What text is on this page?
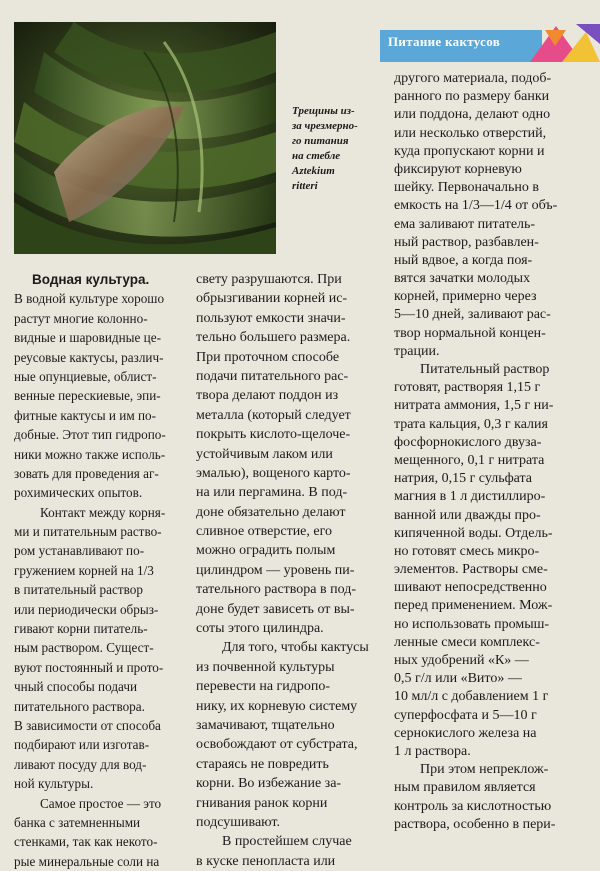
Трещины из-
за чрезмерно-
го питания
на стебле
Aztekium
ritteri
Питание кактусов
Водная культура.
В водной культуре хорошо
растут многие колонно-
видные и шаровидные це-
реусовые кактусы, различ-
ные опунциевые, облист-
венные перескиевые, эпи-
фитные кактусы и им по-
добные. Этот тип гидропо-
ники можно также исполь-
зовать для проведения аг-
рохимических опытов.
Контакт между корня-
ми и питательным раство-
ром устанавливают по-
гружением корней на 1/3
в питательный раствор
или периодически обрыз-
гивают корни питатель-
ным раствором. Сущест-
вуют постоянный и прото-
чный способы подачи
питательного раствора.
В зависимости от способа
подбирают или изготав-
ливают посуду для вод-
ной культуры.
Самое простое — это
банка с затемненными
стенками, так как некото-
рые минеральные соли на
свету разрушаются. При
обрызгивании корней ис-
пользуют емкости значи-
тельно большего размера.
При проточном способе
подачи питательного рас-
твора делают поддон из
металла (который следует
покрыть кислото-щелоче-
устойчивым лаком или
эмалью), вощеного карто-
на или пергамина. В под-
доне обязательно делают
сливное отверстие, его
можно оградить полым
цилиндром — уровень пи-
тательного раствора в под-
доне будет зависеть от вы-
соты этого цилиндра.
Для того, чтобы кактусы
из почвенной культуры
перевести на гидропо-
нику, их корневую систему
замачивают, тщательно
освобождают от субстрата,
стараясь не повредить
корни. Во избежание за-
гнивания ранок корни
подсушивают.
В простейшем случае
в куске пенопласта или
другого материала, подоб-
ранного по размеру банки
или поддона, делают одно
или несколько отверстий,
куда пропускают корни и
фиксируют корневую
шейку. Первоначально в
емкость на 1/3—1/4 от объ-
ема заливают питатель-
ный раствор, разбавлен-
ный вдвое, а когда поя-
вятся зачатки молодых
корней, примерно через
5—10 дней, заливают рас-
твор нормальной концен-
трации.
Питательный раствор
готовят, растворяя 1,15 г
нитрата аммония, 1,5 г ни-
трата кальция, 0,3 г калия
фосфорнокислого двуза-
мещенного, 0,1 г нитрата
натрия, 0,15 г сульфата
магния в 1 л дистиллиро-
ванной или дважды про-
кипяченной воды. Отдель-
но готовят смесь микро-
элементов. Растворы сме-
шивают непосредственно
перед применением. Мож-
но использовать промыш-
ленные смеси комплекс-
ных удобрений «К» —
0,5 г/л или «Вито» —
10 мл/л с добавлением 1 г
суперфосфата и 5—10 г
сернокислого железа на
1 л раствора.
При этом непреклож-
ным правилом является
контроль за кислотностью
раствора, особенно в пери-
